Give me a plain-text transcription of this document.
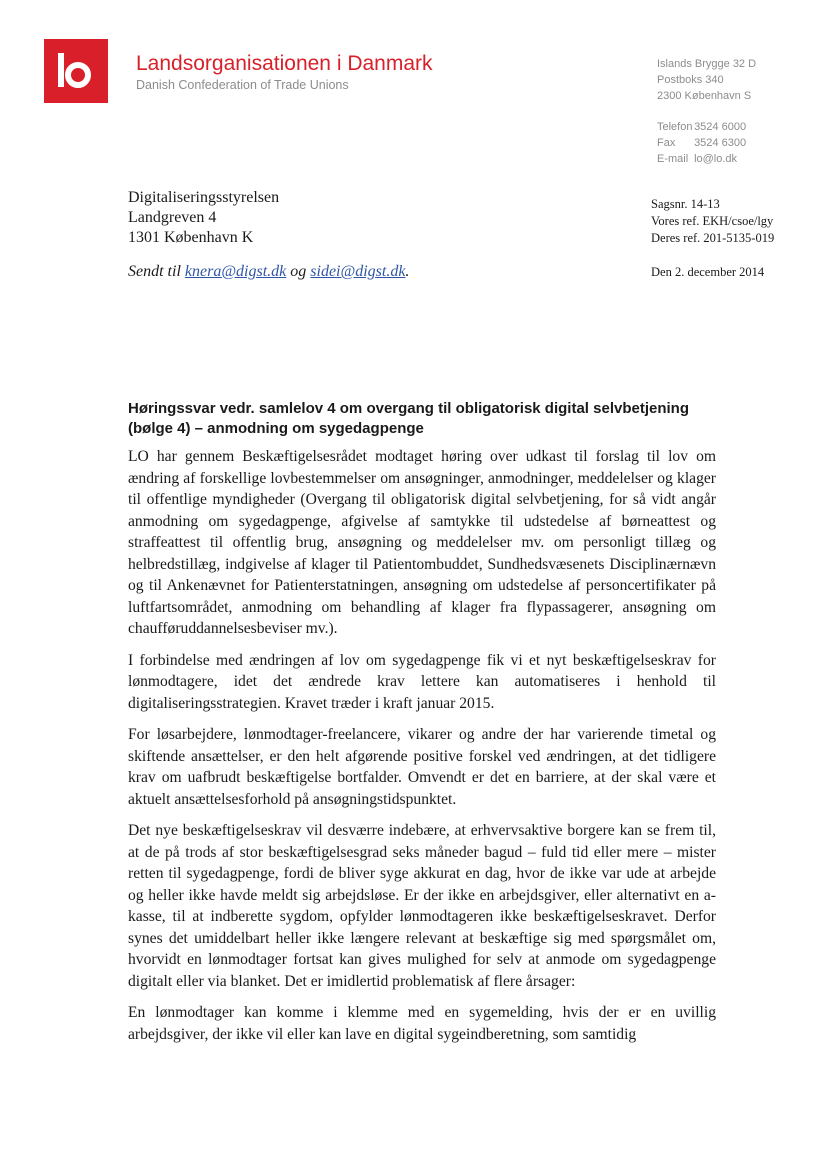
Landsorganisationen i Danmark
Danish Confederation of Trade Unions
Islands Brygge 32 D
Postboks 340
2300 København S
Telefon 3524 6000
Fax 3524 6300
E-mail lo@lo.dk
Digitaliseringsstyrelsen
Landgreven 4
1301 København K
Sagsnr. 14-13
Vores ref. EKH/csoe/lgy
Deres ref. 201-5135-019
Sendt til knera@digst.dk og sidei@digst.dk.	Den 2. december 2014
Høringssvar vedr. samlelov 4 om overgang til obligatorisk digital selvbetjening
(bølge 4) – anmodning om sygedagpenge

LO har gennem Beskæftigelsesrådet modtaget høring over udkast til forslag til lov om ændring af forskellige lovbestemmelser om ansøgninger, anmodninger, meddelelser og klager til offentlige myndigheder (Overgang til obligatorisk digital selvbetjening, for så vidt angår anmodning om sygedagpenge, afgivelse af samtykke til udstedelse af børneattest og straffeattest til offentlig brug, ansøgning og meddelelser mv. om personligt tillæg og helbredstillæg, indgivelse af klager til Patientombuddet, Sundhedsvæsenets Disciplinærnævn og til Ankenævnet for Patienterstatningen, ansøgning om udstedelse af personcertifikater på luftfartsområdet, anmodning om behandling af klager fra flypassagerer, ansøgning om chaufføruddannelsesbeviser mv.).

I forbindelse med ændringen af lov om sygedagpenge fik vi et nyt beskæftigelseskrav for lønmodtagere, idet det ændrede krav lettere kan automatiseres i henhold til digitaliseringsstrategien. Kravet træder i kraft januar 2015.

For løsarbejdere, lønmodtager-freelancere, vikarer og andre der har varierende timetal og skiftende ansættelser, er den helt afgørende positive forskel ved ændringen, at det tidligere krav om uafbrudt beskæftigelse bortfalder. Omvendt er det en barriere, at der skal være et aktuelt ansættelsesforhold på ansøgningstidspunktet.

Det nye beskæftigelseskrav vil desværre indebære, at erhvervsaktive borgere kan se frem til, at de på trods af stor beskæftigelsesgrad seks måneder bagud – fuld tid eller mere – mister retten til sygedagpenge, fordi de bliver syge akkurat en dag, hvor de ikke var ude at arbejde og heller ikke havde meldt sig arbejdsløse. Er der ikke en arbejdsgiver, eller alternativt en a-kasse, til at indberette sygdom, opfylder lønmodtageren ikke beskæftigelseskravet. Derfor synes det umiddelbart heller ikke længere relevant at beskæftige sig med spørgsmålet om, hvorvidt en lønmodtager fortsat kan gives mulighed for selv at anmode om sygedagpenge digitalt eller via blanket. Det er imidlertid problematisk af flere årsager:

En lønmodtager kan komme i klemme med en sygemelding, hvis der er en uvillig arbejdsgiver, der ikke vil eller kan lave en digital sygeindberetning, som samtidig
